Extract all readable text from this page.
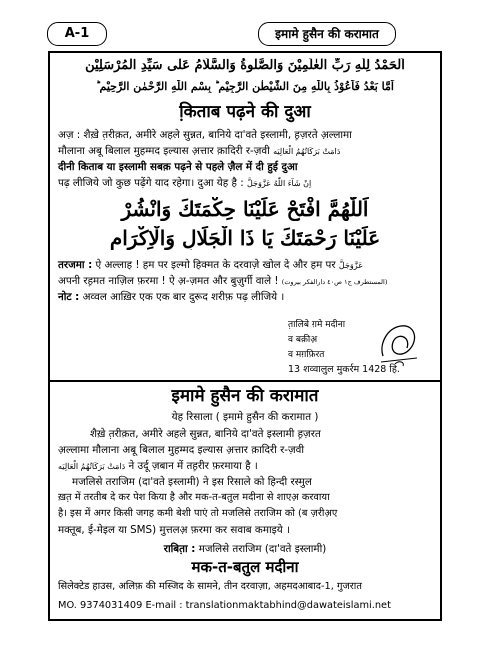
A-1	इमामे हुसैन की करामात
اَلْحَمْدُ لِلّٰهِ رَبِّ الْعٰلَمِیْنَ وَالصَّلٰوةُ وَالسَّلَامُ عَلٰی سَیِّدِ الْمُرْسَلِیْن
اَمَّا بَعْدُ فَاَعُوْذُ بِاللّٰهِ مِنَ الشَّیْطٰنِ الرَّجِیْمِ ؕ بِسْمِ اللّٰهِ الرَّحْمٰنِ الرَّحِیْمِ ؕ
कि़ताब पढ़ने की दुआ
अज़ : शैखे़ त़रीक़त, अमीरे अहले सुन्नत, बानिये दा'वते इस्लामी, ह़ज़रते अ़ल्लामा
मौलाना अबू बिलाल मुहम्मद इल्यास अ़त्तार क़ादिरी र-ज़वी دَامَتْ بَرَكَاتُهُمُ الْعَالِيَه
दीनी किताब या इस्लामी सबक़ पढ़ने से पहले ज़ैल में दी हुई दुआ
पढ़ लीजिये जो कुछ पढ़ेंगे याद रहेगा। दुआ येह है : اِنْ شَآءَ اللّٰهُ عَزَّوَجَلَّ
اَللّٰهُمَّ افْتَحْ عَلَیْنَا حِكْمَتَكَ وَانْشُرْ
عَلَیْنَا رَحْمَتَكَ یَا ذَا الْجَلَالِ وَالْاِكْرَام
तरजमा : ऐ अल्लाह ! हम पर इल्मो हिक्मत के दरवाज़े खोल दे और हम पर عَزَّوَجَلَّ
अपनी रह़मत नाज़िल फ़रमा ! ऐ अ़-ज़मत और बुज़ुर्गी वाले ! (المستطرف ج١ ص٤٠ دارالفكر بيروت)
नोट : अव्वल आख़िर एक एक बार दुरूद शरीफ़ पढ़ लीजिये ।
त़ालिबे ग़मे मदीना
व बक़ीअ़
व मग़फ़िरत
13 शव्वालुल मुकर्रम 1428 हि.
इमामे हुसैन की करामात
येह रिसाला ( इमामे हुसैन की करामात )
शैखे़ त़रीक़त, अमीरे अहले सुन्नत, बानिये दा'वते इस्लामी ह़ज़रत
अ़ल्लामा मौलाना अबू बिलाल मुहम्मद इल्यास अ़त्तार क़ादिरी र-ज़वी
دَامَتْ بَرَكَاتُهُمُ الْعَالِيَه ने उर्दू ज़बान में तह़रीर फ़रमाया है ।
मजलिसे तराजिम (दा'वते इस्लामी) ने इस रिसाले को हिन्दी रस्मुल
ख़त़ में तरतीब दे कर पेश किया है और मक-त-बतुल मदीना से शाएअ़ करवाया
है। इस में अगर किसी जगह कमी बेशी पाएं तो मजलिसे तराजिम को (ब ज़रीअ़ए
मक्तूब, ई-मेइल या SMS) मुत्तलअ़ फ़रमा कर सवाब कमाइये ।
राबित़ा : मजलिसे तराजिम (दा'वते इस्लामी)
मक-त-बतुल मदीना
सिलेक्टेड हाउस, अलिफ़ की मस्जिद के सामने, तीन दरवाज़ा, अहमदआबाद-1, गुजरात
MO. 9374031409 E-mail : translationmaktabhind@dawateislami.net
